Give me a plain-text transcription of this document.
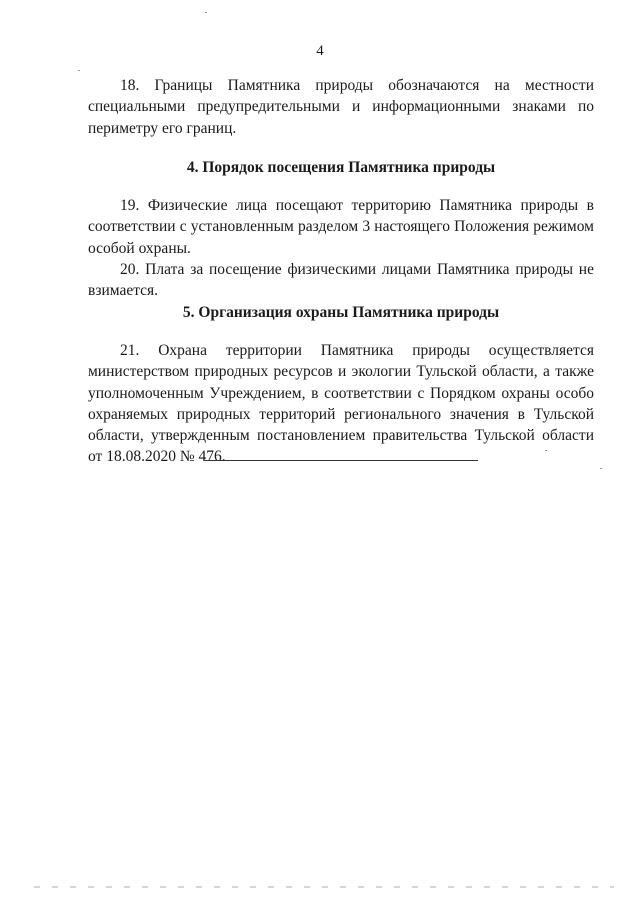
4

18. Границы Памятника природы обозначаются на местности специальными предупредительными и информационными знаками по периметру его границ.

4. Порядок посещения Памятника природы

19. Физические лица посещают территорию Памятника природы в соответствии с установленным разделом 3 настоящего Положения режимом особой охраны.

20. Плата за посещение физическими лицами Памятника природы не взимается.

5. Организация охраны Памятника природы

21. Охрана территории Памятника природы осуществляется министерством природных ресурсов и экологии Тульской области, а также уполномоченным Учреждением, в соответствии с Порядком охраны особо охраняемых природных территорий регионального значения в Тульской области, утвержденным постановлением правительства Тульской области от 18.08.2020 № 476.
